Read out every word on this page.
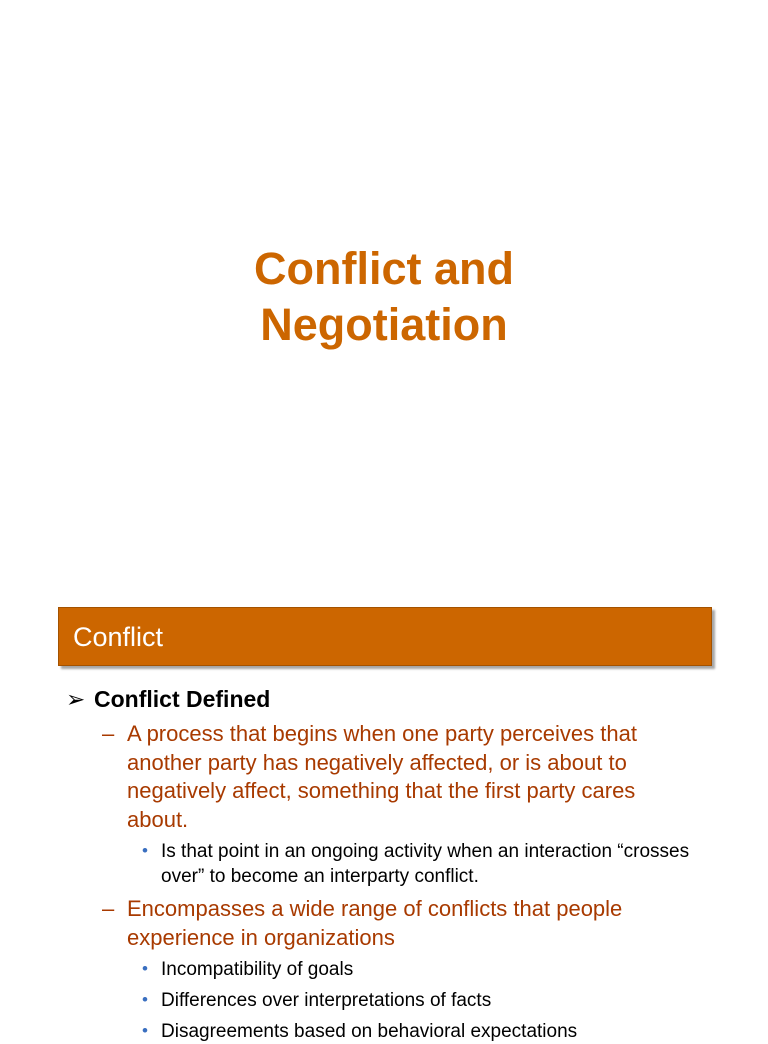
Conflict and
Negotiation
Conflict
➢ Conflict Defined
– A process that begins when one party perceives that another party has negatively affected, or is about to negatively affect, something that the first party cares about.
• Is that point in an ongoing activity when an interaction “crosses over” to become an interparty conflict.
– Encompasses a wide range of conflicts that people experience in organizations
• Incompatibility of goals
• Differences over interpretations of facts
• Disagreements based on behavioral expectations
